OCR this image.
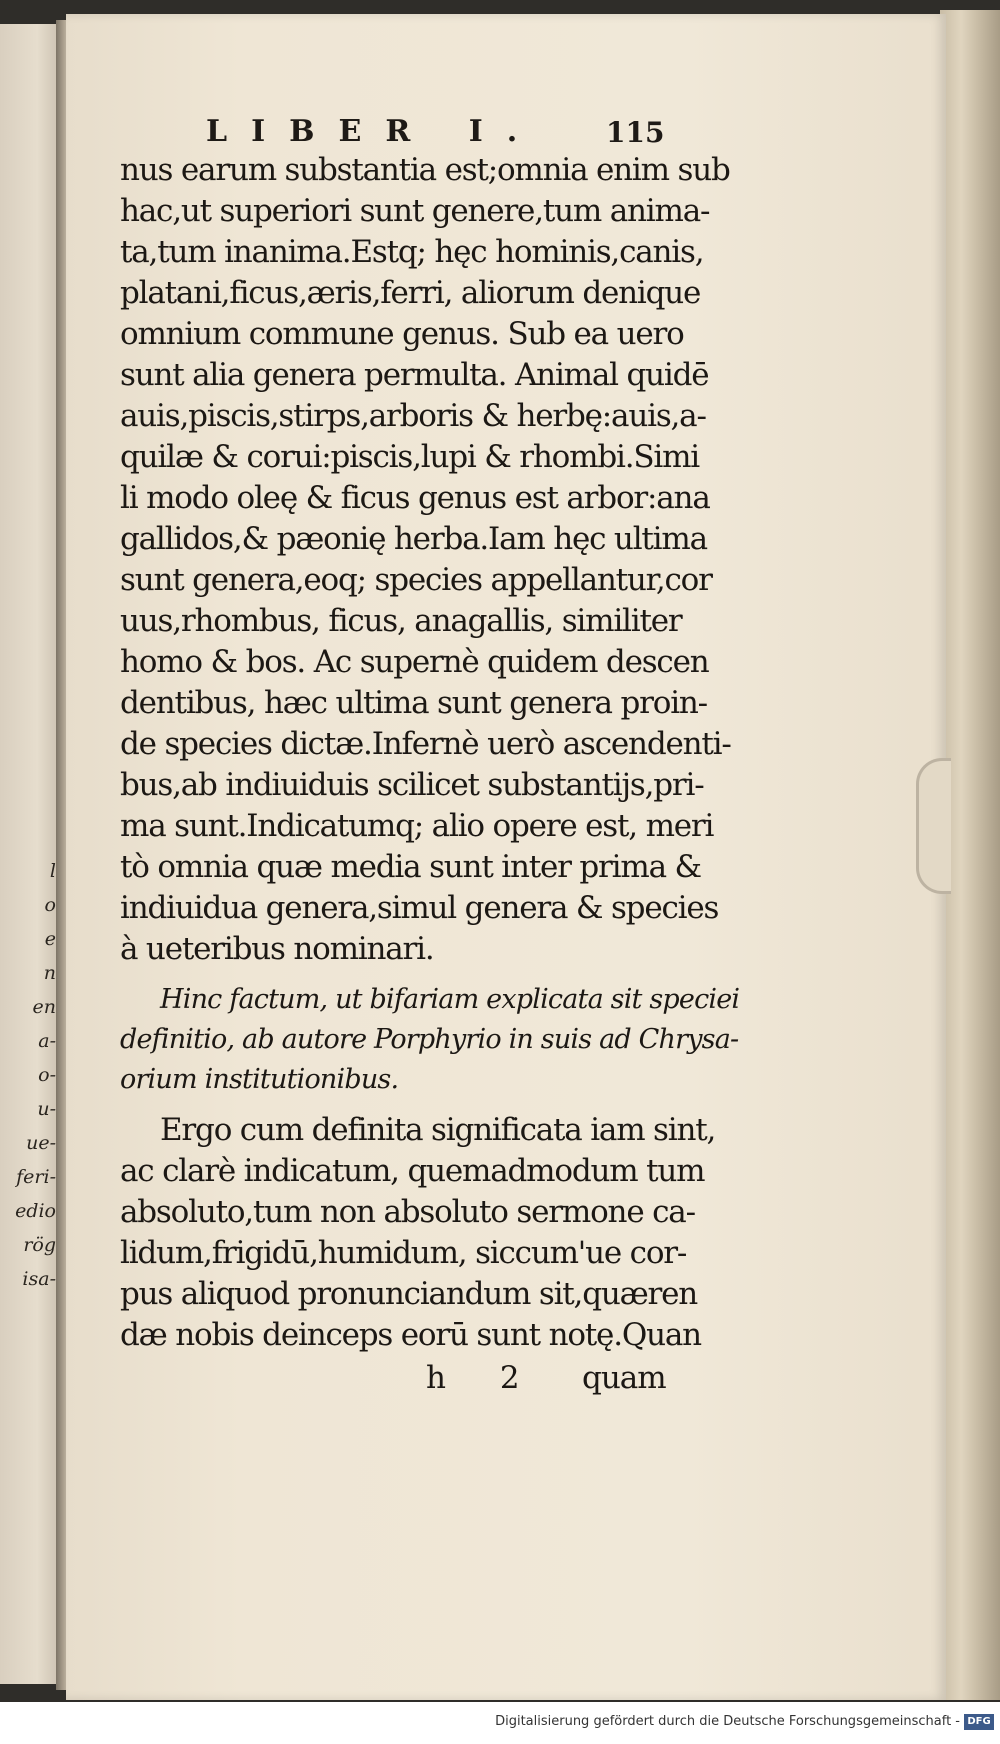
l
o
e
n
en
a-
o-
u-
ue-
feri-
edio
rög
isa-
LIBER I. 115
nus earum substantia est;omnia enim sub
hac,ut superiori sunt genere,tum anima-
ta,tum inanima.Estq; hęc hominis,canis,
platani,ficus,æris,ferri, aliorum denique
omnium commune genus. Sub ea uero
sunt alia genera permulta. Animal quidē
auis,piscis,stirps,arboris & herbę:auis,a-
quilæ & corui:piscis,lupi & rhombi.Simi
li modo oleę & ficus genus est arbor:ana
gallidos,& pæonię herba.Iam hęc ultima
sunt genera,eoq; species appellantur,cor
uus,rhombus, ficus, anagallis, similiter
homo & bos. Ac supernè quidem descen
dentibus, hæc ultima sunt genera proin-
de species dictæ.Infernè uerò ascendenti-
bus,ab indiuiduis scilicet substantijs,pri-
ma sunt.Indicatumq; alio opere est, meri
tò omnia quæ media sunt inter prima &
indiuidua genera,simul genera & species
à ueteribus nominari.
Hinc factum, ut bifariam explicata sit speciei
definitio, ab autore Porphyrio in suis ad Chrysa-
orium institutionibus.
Ergo cum definita significata iam sint,
ac clarè indicatum, quemadmodum tum
absoluto,tum non absoluto sermone ca-
lidum,frigidū,humidum, siccum'ue cor-
pus aliquod pronunciandum sit,quæren
dæ nobis deinceps eorū sunt notę.Quan
h 2 quam
Digitalisierung gefördert durch die Deutsche Forschungsgemeinschaft - DFG
